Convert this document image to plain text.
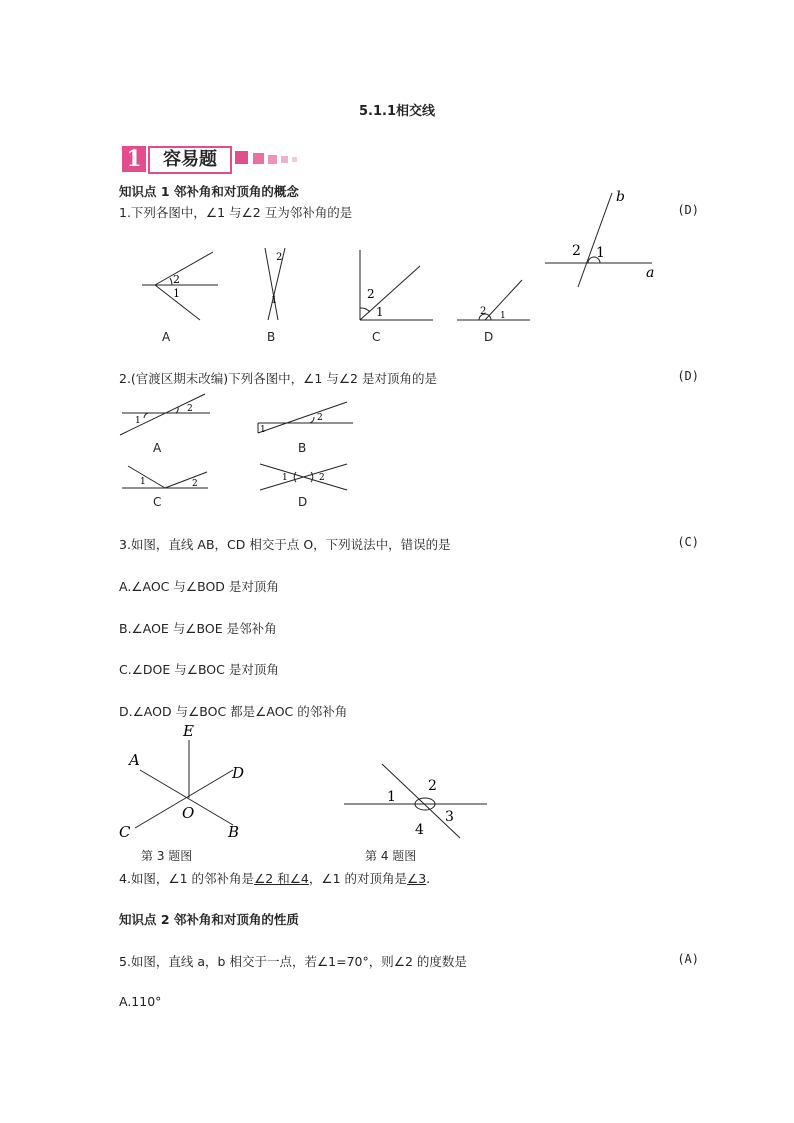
5.1.1相交线
1	容易题
知识点 1 邻补角和对顶角的概念
1.下列各图中，∠1 与∠2 互为邻补角的是	(D)
2
1
2
1	2
1	2 1
A	B	C	D
b
2 1
a
2.(官渡区期末改编)下列各图中，∠1 与∠2 是对顶角的是	(D)
1
2
1
2
1	2
1	2
A	B
C	D
3.如图，直线 AB，CD 相交于点 O，下列说法中，错误的是	(C)
A.∠AOC 与∠BOD 是对顶角
B.∠AOE 与∠BOE 是邻补角
C.∠DOE 与∠BOC 是对顶角
D.∠AOD 与∠BOC 都是∠AOC 的邻补角
A
E
D
O
C	B
第 3 题图
1
2
3
4
第 4 题图
4.如图，∠1 的邻补角是∠2 和∠4，∠1 的对顶角是∠3.
知识点 2 邻补角和对顶角的性质
5.如图，直线 a，b 相交于一点，若∠1=70°，则∠2 的度数是	(A)
A.110°
